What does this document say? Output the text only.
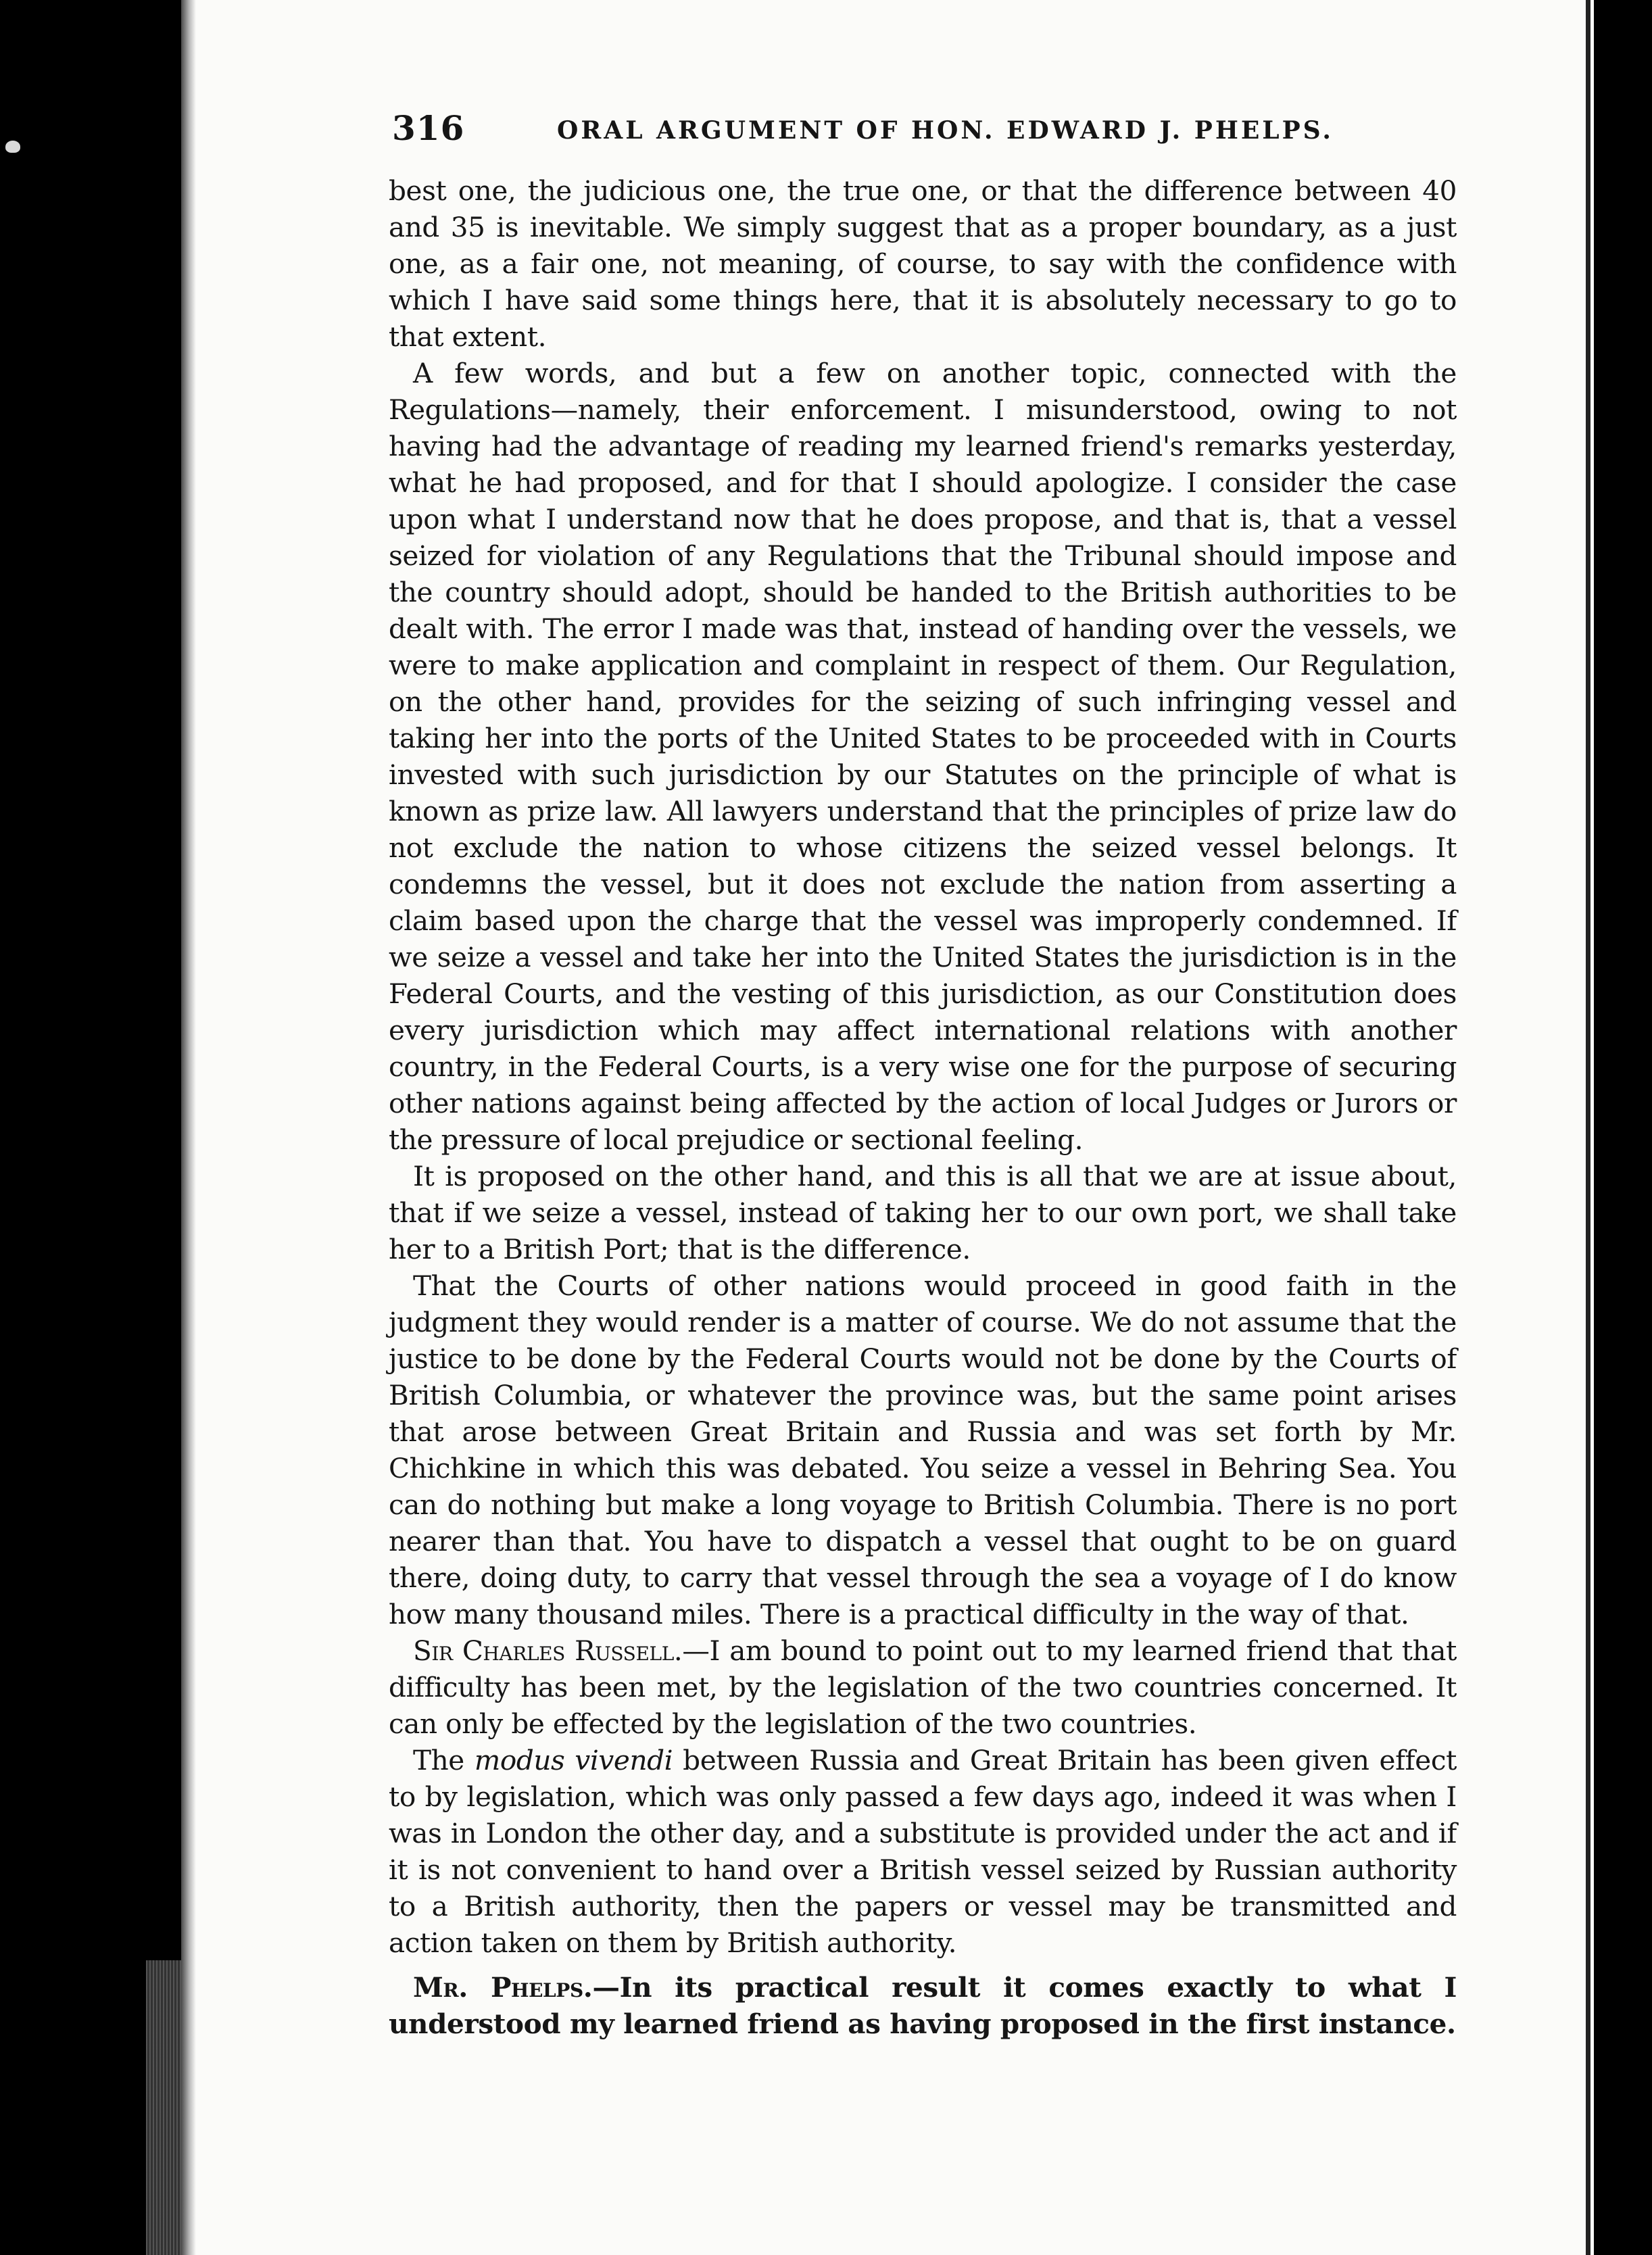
316	ORAL ARGUMENT OF HON. EDWARD J. PHELPS.

best one, the judicious one, the true one, or that the difference between 40 and 35 is inevitable. We simply suggest that as a proper boundary, as a just one, as a fair one, not meaning, of course, to say with the confidence with which I have said some things here, that it is absolutely necessary to go to that extent.

A few words, and but a few on another topic, connected with the Regulations—namely, their enforcement. I misunderstood, owing to not having had the advantage of reading my learned friend's remarks yesterday, what he had proposed, and for that I should apologize. I consider the case upon what I understand now that he does propose, and that is, that a vessel seized for violation of any Regulations that the Tribunal should impose and the country should adopt, should be handed to the British authorities to be dealt with. The error I made was that, instead of handing over the vessels, we were to make application and complaint in respect of them. Our Regulation, on the other hand, provides for the seizing of such infringing vessel and taking her into the ports of the United States to be proceeded with in Courts invested with such jurisdiction by our Statutes on the principle of what is known as prize law. All lawyers understand that the principles of prize law do not exclude the nation to whose citizens the seized vessel belongs. It condemns the vessel, but it does not exclude the nation from asserting a claim based upon the charge that the vessel was improperly condemned. If we seize a vessel and take her into the United States the jurisdiction is in the Federal Courts, and the vesting of this jurisdiction, as our Constitution does every jurisdiction which may affect international relations with another country, in the Federal Courts, is a very wise one for the purpose of securing other nations against being affected by the action of local Judges or Jurors or the pressure of local prejudice or sectional feeling.

It is proposed on the other hand, and this is all that we are at issue about, that if we seize a vessel, instead of taking her to our own port, we shall take her to a British Port; that is the difference.

That the Courts of other nations would proceed in good faith in the judgment they would render is a matter of course. We do not assume that the justice to be done by the Federal Courts would not be done by the Courts of British Columbia, or whatever the province was, but the same point arises that arose between Great Britain and Russia and was set forth by Mr. Chichkine in which this was debated. You seize a vessel in Behring Sea. You can do nothing but make a long voyage to British Columbia. There is no port nearer than that. You have to dispatch a vessel that ought to be on guard there, doing duty, to carry that vessel through the sea a voyage of I do know how many thousand miles. There is a practical difficulty in the way of that.

Sir Charles Russell.—I am bound to point out to my learned friend that that difficulty has been met, by the legislation of the two countries concerned. It can only be effected by the legislation of the two countries.

The modus vivendi between Russia and Great Britain has been given effect to by legislation, which was only passed a few days ago, indeed it was when I was in London the other day, and a substitute is provided under the act and if it is not convenient to hand over a British vessel seized by Russian authority to a British authority, then the papers or vessel may be transmitted and action taken on them by British authority.

Mr. Phelps.—In its practical result it comes exactly to what I understood my learned friend as having proposed in the first instance.
